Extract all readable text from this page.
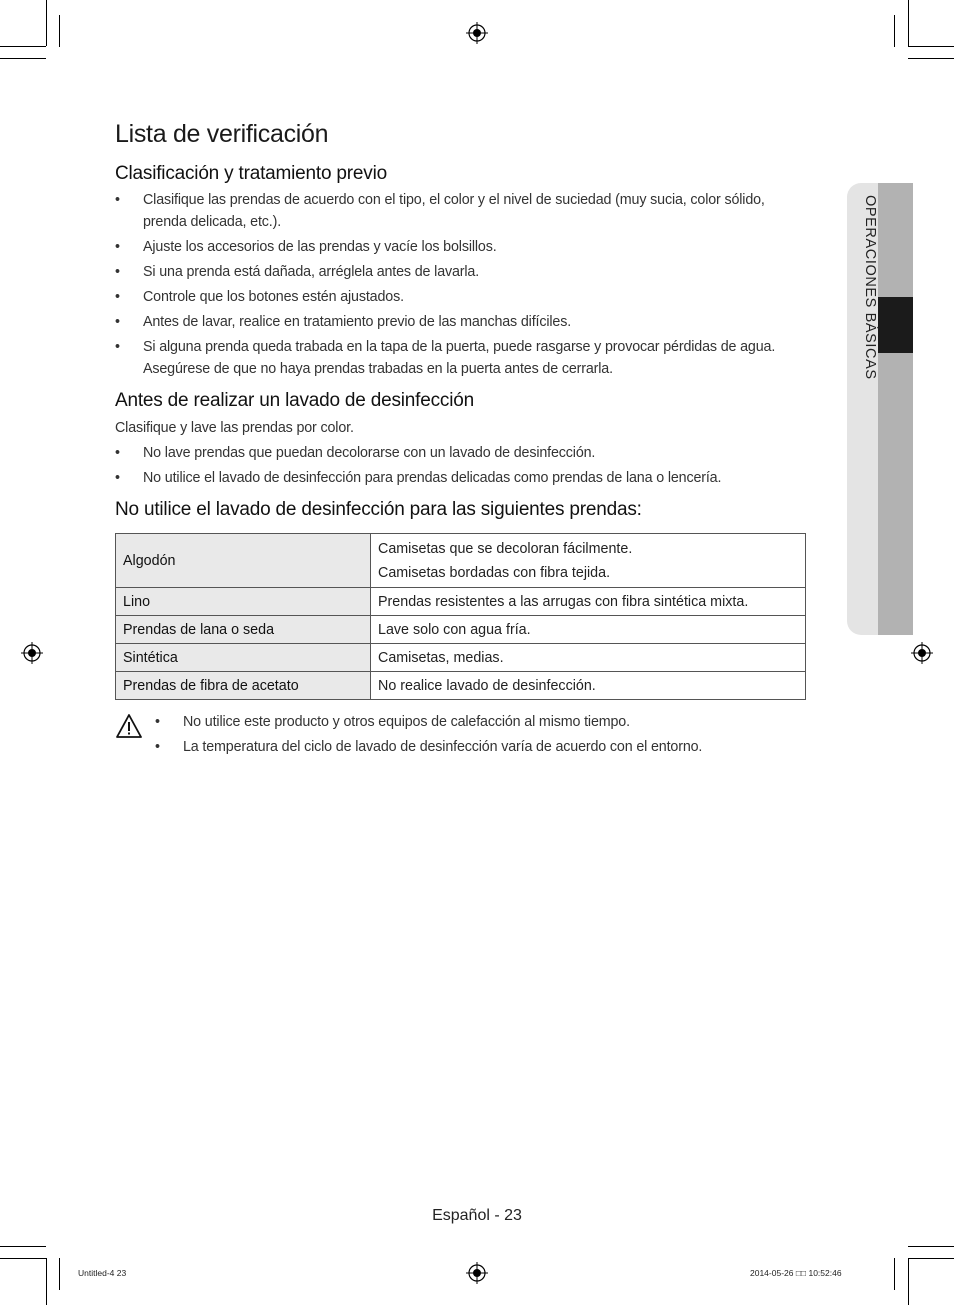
OPERACIONES BÁSICAS
Lista de verificación
Clasificación y tratamiento previo
• Clasifique las prendas de acuerdo con el tipo, el color y el nivel de suciedad (muy sucia, color sólido, prenda delicada, etc.).
• Ajuste los accesorios de las prendas y vacíe los bolsillos.
• Si una prenda está dañada, arréglela antes de lavarla.
• Controle que los botones estén ajustados.
• Antes de lavar, realice en tratamiento previo de las manchas difíciles.
• Si alguna prenda queda trabada en la tapa de la puerta, puede rasgarse y provocar pérdidas de agua. Asegúrese de que no haya prendas trabadas en la puerta antes de cerrarla.
Antes de realizar un lavado de desinfección
Clasifique y lave las prendas por color.
• No lave prendas que puedan decolorarse con un lavado de desinfección.
• No utilice el lavado de desinfección para prendas delicadas como prendas de lana o lencería.
No utilice el lavado de desinfección para las siguientes prendas:
Algodón	Camisetas que se decoloran fácilmente.
Camisetas bordadas con fibra tejida.

Lino	Prendas resistentes a las arrugas con fibra sintética mixta.
Prendas de lana o seda	Lave solo con agua fría.
Sintética	Camisetas, medias.
Prendas de fibra de acetato	No realice lavado de desinfección.
• No utilice este producto y otros equipos de calefacción al mismo tiempo.
• La temperatura del ciclo de lavado de desinfección varía de acuerdo con el entorno.
Español - 23
Untitled-4 23	2014-05-26 □□ 10:52:46
